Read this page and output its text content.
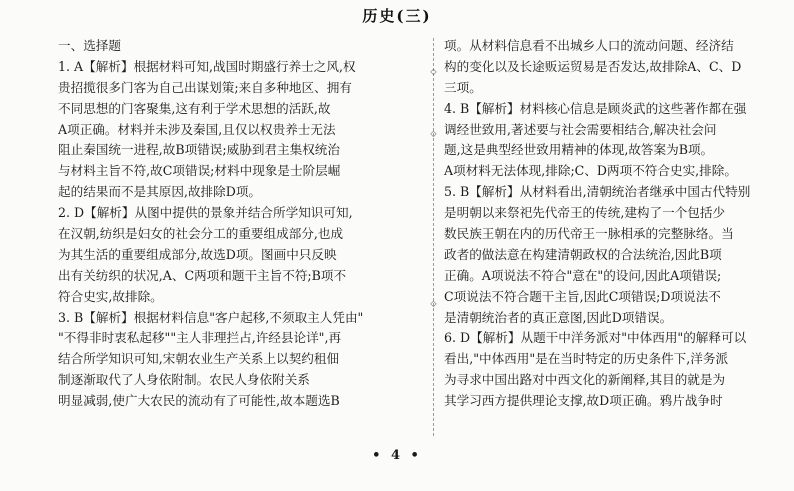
历史(三)
一、选择题
1. A【解析】根据材料可知,战国时期盛行养士之风,权
贵招揽很多门客为自己出谋划策;来自多种地区、拥有
不同思想的门客聚集,这有利于学术思想的活跃,故
A项正确。材料并未涉及秦国,且仅以权贵养士无法
阻止秦国统一进程,故B项错误;威胁到君主集权统治
与材料主旨不符,故C项错误;材料中现象是士阶层崛
起的结果而不是其原因,故排除D项。
2. D【解析】从图中提供的景象并结合所学知识可知,
在汉朝,纺织是妇女的社会分工的重要组成部分,也成
为其生活的重要组成部分,故选D项。图画中只反映
出有关纺织的状况,A、C两项和题干主旨不符;B项不
符合史实,故排除。
3. B【解析】根据材料信息"客户起移,不须取主人凭由"
"不得非时衷私起移""主人非理拦占,许经县论详",再
结合所学知识可知,宋朝农业生产关系上以契约租佃
制逐渐取代了人身依附制。农民人身依附关系
明显减弱,使广大农民的流动有了可能性,故本题选B
◇
◇
◇
项。从材料信息看不出城乡人口的流动问题、经济结
构的变化以及长途贩运贸易是否发达,故排除A、C、D
三项。
4. B【解析】材料核心信息是顾炎武的这些著作都在强
调经世致用,著述要与社会需要相结合,解决社会问
题,这是典型经世致用精神的体现,故答案为B项。
A项材料无法体现,排除;C、D两项不符合史实,排除。
5. B【解析】从材料看出,清朝统治者继承中国古代特别
是明朝以来祭祀先代帝王的传统,建构了一个包括少
数民族王朝在内的历代帝王一脉相承的完整脉络。当
政者的做法意在构建清朝政权的合法统治,因此B项
正确。A项说法不符合"意在"的设问,因此A项错误;
C项说法不符合题干主旨,因此C项错误;D项说法不
是清朝统治者的真正意图,因此D项错误。
6. D【解析】从题干中洋务派对"中体西用"的解释可以
看出,"中体西用"是在当时特定的历史条件下,洋务派
为寻求中国出路对中西文化的新阐释,其目的就是为
其学习西方提供理论支撑,故D项正确。鸦片战争时
• 4 •
